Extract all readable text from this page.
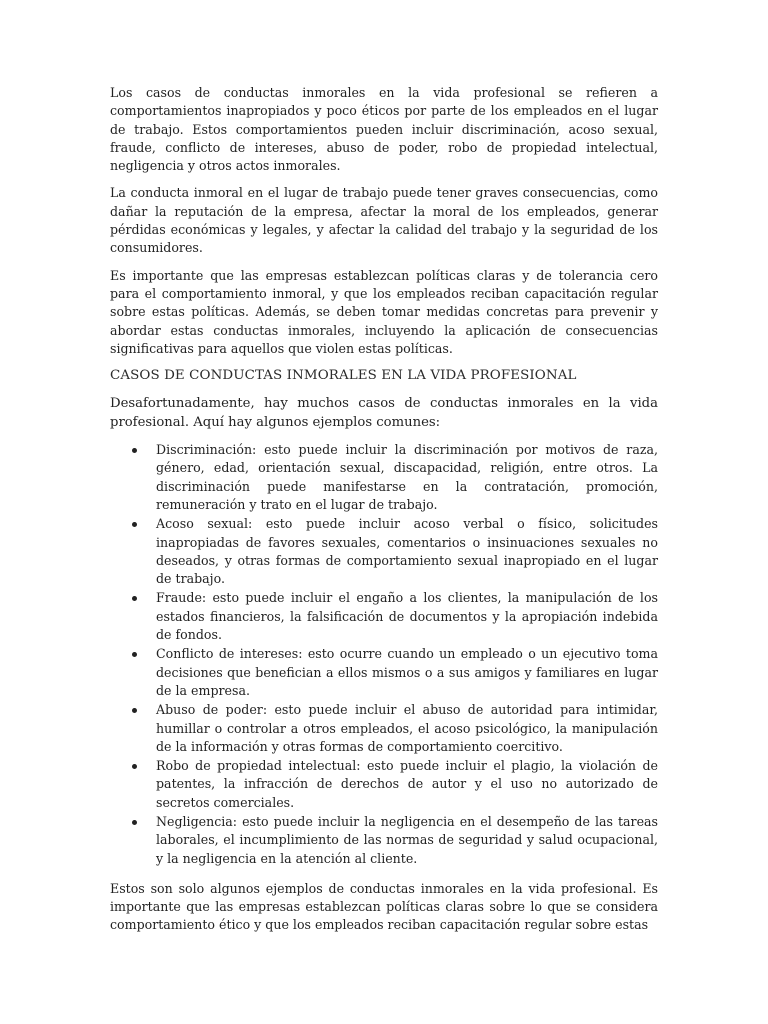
Los casos de conductas inmorales en la vida profesional se refieren a comportamientos inapropiados y poco éticos por parte de los empleados en el lugar de trabajo. Estos comportamientos pueden incluir discriminación, acoso sexual, fraude, conflicto de intereses, abuso de poder, robo de propiedad intelectual, negligencia y otros actos inmorales.

La conducta inmoral en el lugar de trabajo puede tener graves consecuencias, como dañar la reputación de la empresa, afectar la moral de los empleados, generar pérdidas económicas y legales, y afectar la calidad del trabajo y la seguridad de los consumidores.

Es importante que las empresas establezcan políticas claras y de tolerancia cero para el comportamiento inmoral, y que los empleados reciban capacitación regular sobre estas políticas. Además, se deben tomar medidas concretas para prevenir y abordar estas conductas inmorales, incluyendo la aplicación de consecuencias significativas para aquellos que violen estas políticas.

CASOS DE CONDUCTAS INMORALES EN LA VIDA PROFESIONAL

Desafortunadamente, hay muchos casos de conductas inmorales en la vida profesional. Aquí hay algunos ejemplos comunes:

Discriminación: esto puede incluir la discriminación por motivos de raza, género, edad, orientación sexual, discapacidad, religión, entre otros. La discriminación puede manifestarse en la contratación, promoción, remuneración y trato en el lugar de trabajo.
Acoso sexual: esto puede incluir acoso verbal o físico, solicitudes inapropiadas de favores sexuales, comentarios o insinuaciones sexuales no deseados, y otras formas de comportamiento sexual inapropiado en el lugar de trabajo.
Fraude: esto puede incluir el engaño a los clientes, la manipulación de los estados financieros, la falsificación de documentos y la apropiación indebida de fondos.
Conflicto de intereses: esto ocurre cuando un empleado o un ejecutivo toma decisiones que benefician a ellos mismos o a sus amigos y familiares en lugar de la empresa.
Abuso de poder: esto puede incluir el abuso de autoridad para intimidar, humillar o controlar a otros empleados, el acoso psicológico, la manipulación de la información y otras formas de comportamiento coercitivo.
Robo de propiedad intelectual: esto puede incluir el plagio, la violación de patentes, la infracción de derechos de autor y el uso no autorizado de secretos comerciales.
Negligencia: esto puede incluir la negligencia en el desempeño de las tareas laborales, el incumplimiento de las normas de seguridad y salud ocupacional, y la negligencia en la atención al cliente.

Estos son solo algunos ejemplos de conductas inmorales en la vida profesional. Es importante que las empresas establezcan políticas claras sobre lo que se considera comportamiento ético y que los empleados reciban capacitación regular sobre estas
